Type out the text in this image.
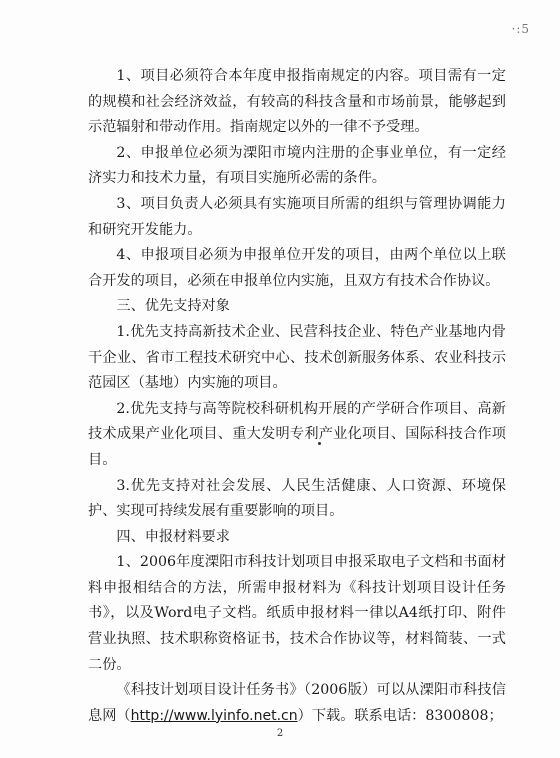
·:5

1、项目必须符合本年度申报指南规定的内容。项目需有一定的规模和社会经济效益，有较高的科技含量和市场前景，能够起到示范辐射和带动作用。指南规定以外的一律不予受理。

2、申报单位必须为溧阳市境内注册的企事业单位，有一定经济实力和技术力量，有项目实施所必需的条件。

3、项目负责人必须具有实施项目所需的组织与管理协调能力和研究开发能力。

4、申报项目必须为申报单位开发的项目，由两个单位以上联合开发的项目，必须在申报单位内实施，且双方有技术合作协议。

三、优先支持对象

1.优先支持高新技术企业、民营科技企业、特色产业基地内骨干企业、省市工程技术研究中心、技术创新服务体系、农业科技示范园区（基地）内实施的项目。

2.优先支持与高等院校科研机构开展的产学研合作项目、高新技术成果产业化项目、重大发明专利产业化项目、国际科技合作项目。

3.优先支持对社会发展、人民生活健康、人口资源、环境保护、实现可持续发展有重要影响的项目。

四、申报材料要求

1、2006年度溧阳市科技计划项目申报采取电子文档和书面材料申报相结合的方法，所需申报材料为《科技计划项目设计任务书》，以及Word电子文档。纸质申报材料一律以A4纸打印、附件营业执照、技术职称资格证书，技术合作协议等，材料简装、一式二份。

《科技计划项目设计任务书》（2006版）可以从溧阳市科技信息网（http://www.lyinfo.net.cn）下载。联系电话：8300808；

2
